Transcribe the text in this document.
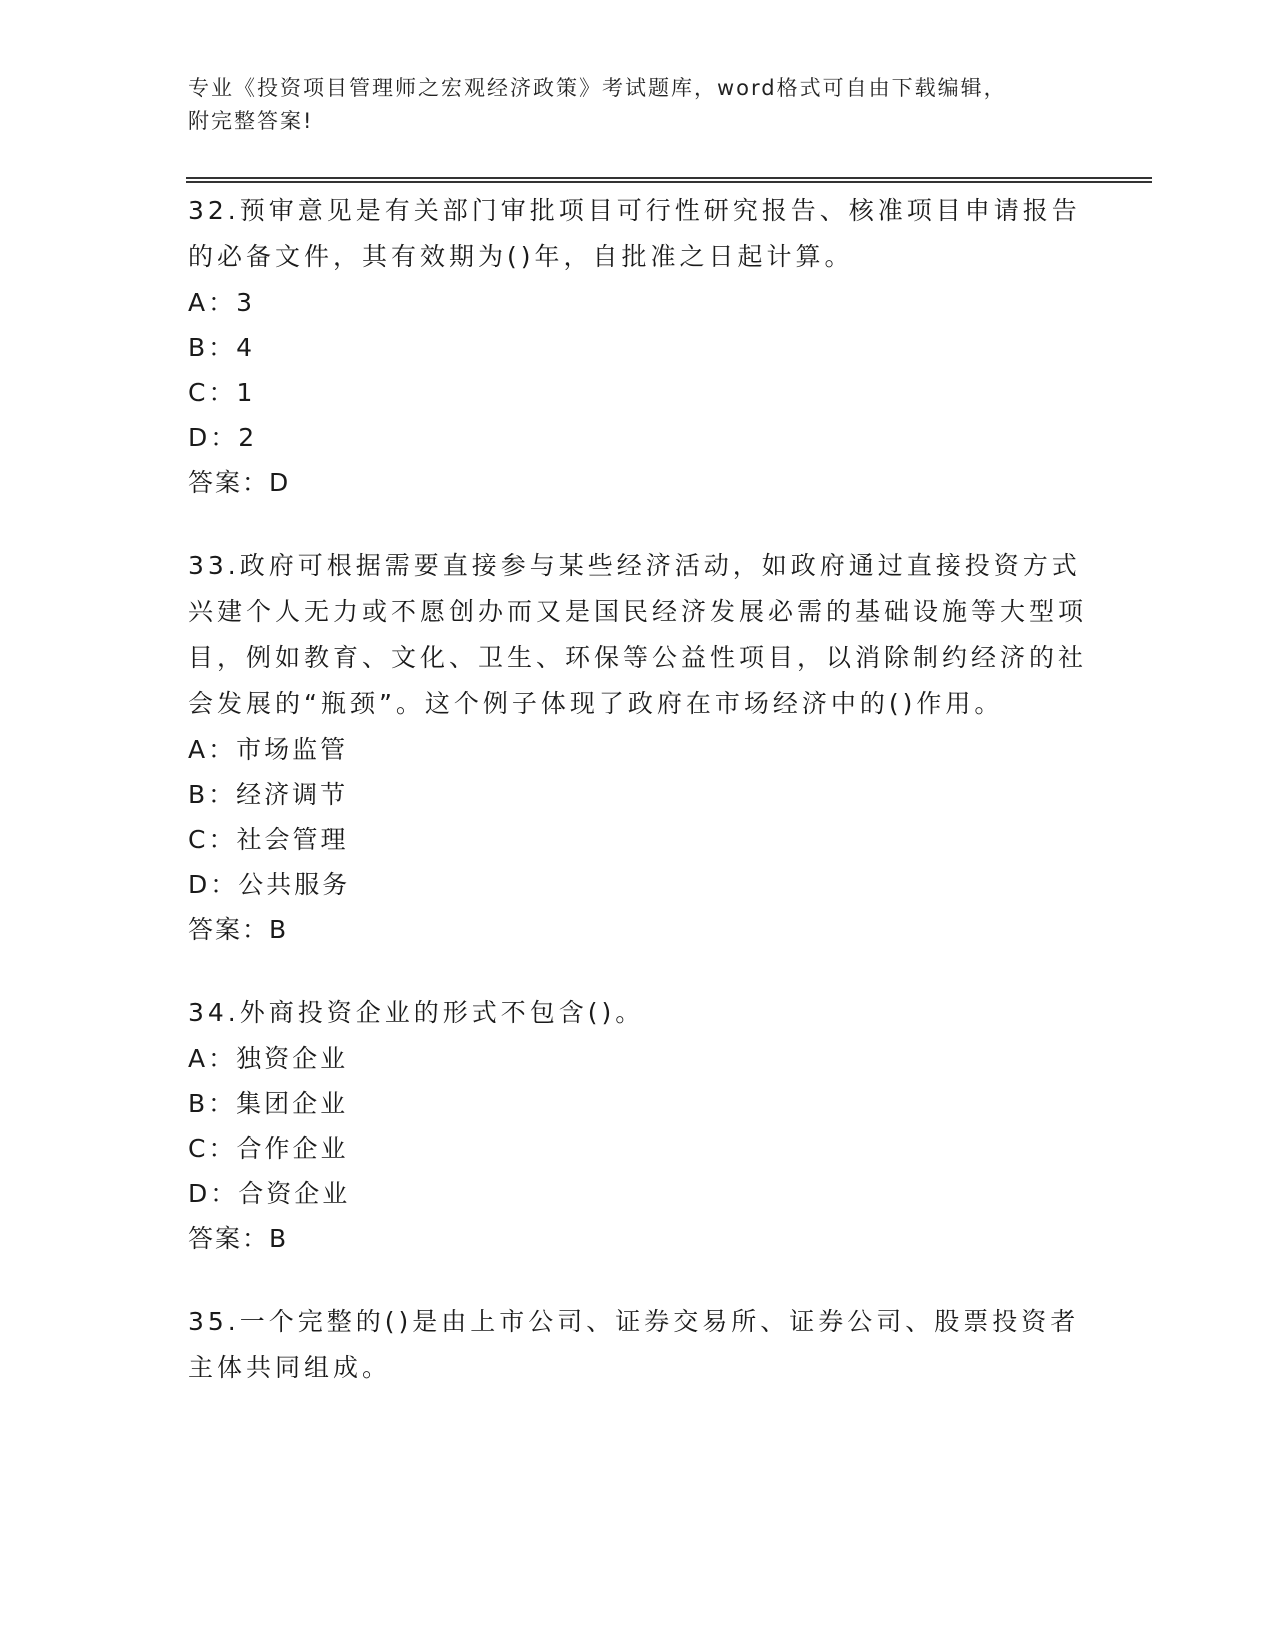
专业《投资项目管理师之宏观经济政策》考试题库，word格式可自由下载编辑，
附完整答案!

32.预审意见是有关部门审批项目可行性研究报告、核准项目申请报告的必备文件，其有效期为()年，自批准之日起计算。

A：3

B：4

C：1

D：2

答案：D

33.政府可根据需要直接参与某些经济活动，如政府通过直接投资方式兴建个人无力或不愿创办而又是国民经济发展必需的基础设施等大型项目，例如教育、文化、卫生、环保等公益性项目，以消除制约经济的社会发展的“瓶颈”。这个例子体现了政府在市场经济中的()作用。

A：市场监管

B：经济调节

C：社会管理

D：公共服务

答案：B

34.外商投资企业的形式不包含()。

A：独资企业

B：集团企业

C：合作企业

D：合资企业

答案：B

35.一个完整的()是由上市公司、证券交易所、证券公司、股票投资者主体共同组成。
